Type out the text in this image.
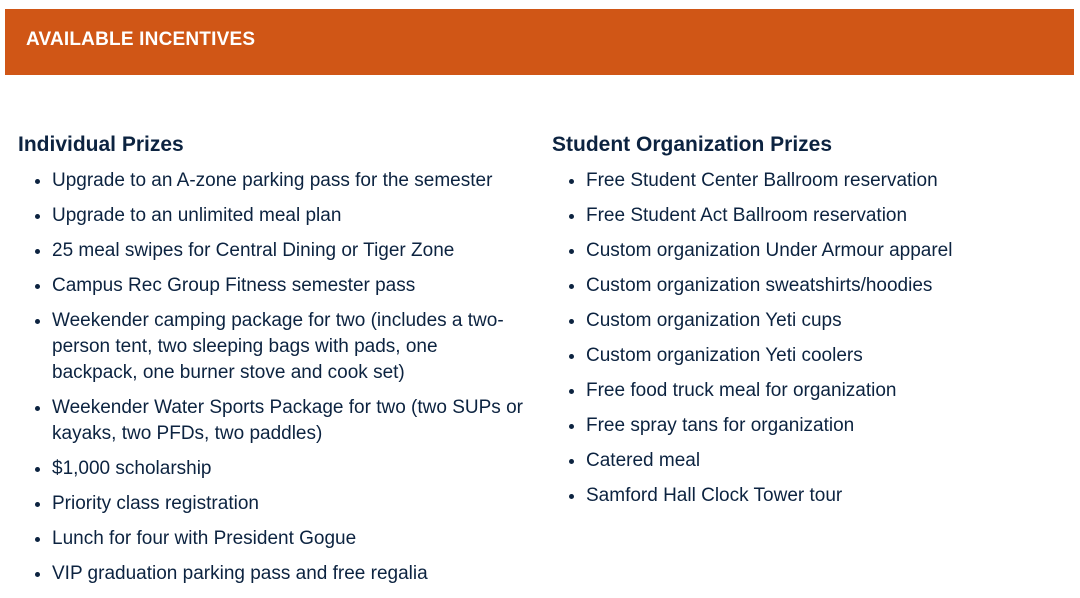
AVAILABLE INCENTIVES
Individual Prizes
Upgrade to an A-zone parking pass for the semester
Upgrade to an unlimited meal plan
25 meal swipes for Central Dining or Tiger Zone
Campus Rec Group Fitness semester pass
Weekender camping package for two (includes a two-person tent, two sleeping bags with pads, one backpack, one burner stove and cook set)
Weekender Water Sports Package for two (two SUPs or kayaks, two PFDs, two paddles)
$1,000 scholarship
Priority class registration
Lunch for four with President Gogue
VIP graduation parking pass and free regalia
Student Organization Prizes
Free Student Center Ballroom reservation
Free Student Act Ballroom reservation
Custom organization Under Armour apparel
Custom organization sweatshirts/hoodies
Custom organization Yeti cups
Custom organization Yeti coolers
Free food truck meal for organization
Free spray tans for organization
Catered meal
Samford Hall Clock Tower tour
